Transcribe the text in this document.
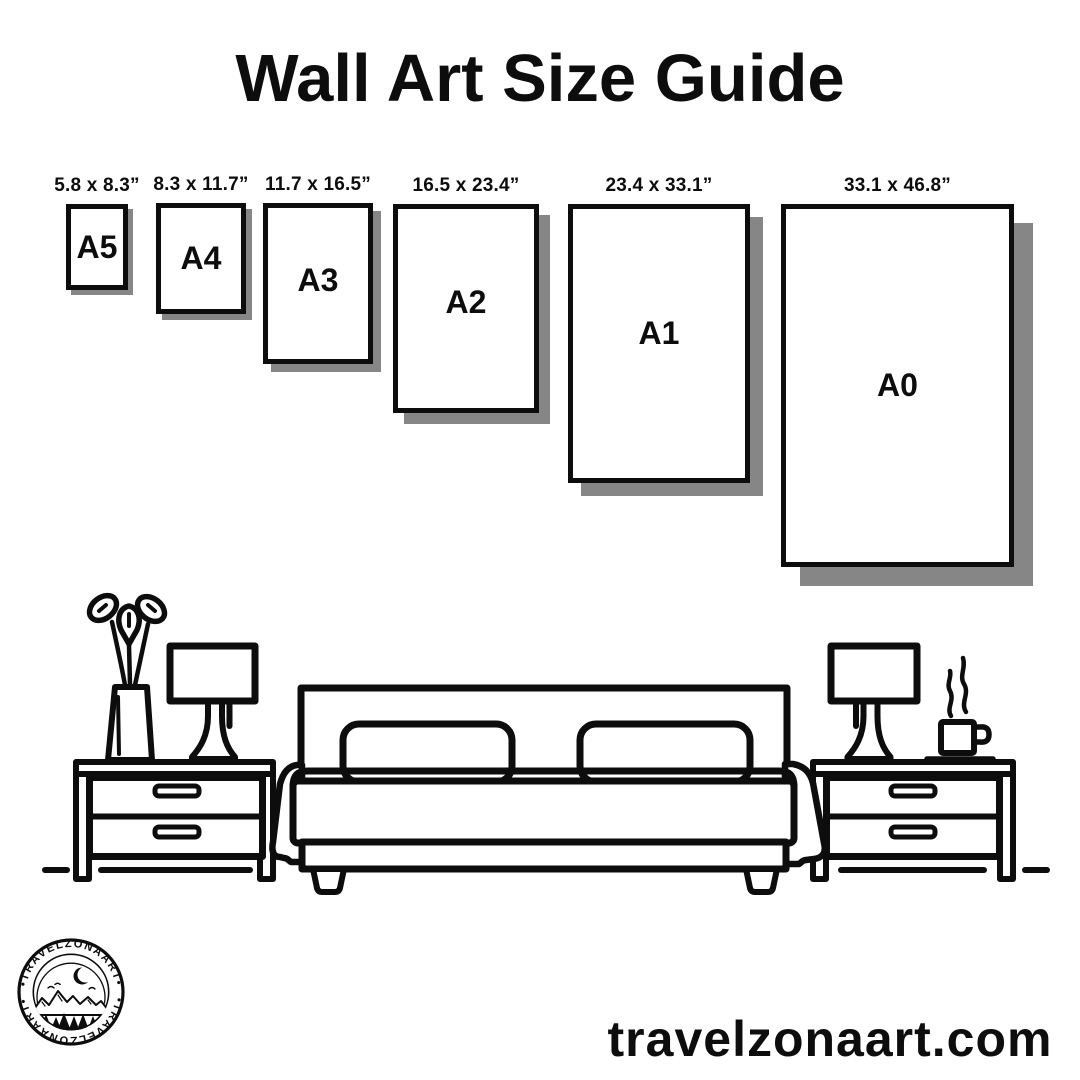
Wall Art Size Guide
5.8 x 8.3”
A5
8.3 x 11.7”
A4
11.7 x 16.5”
A3
16.5 x 23.4”
A2
23.4 x 33.1”
A1
33.1 x 46.8”
A0
•TRAVELZONAART•
•TRAVELZONAART•
travelzonaart.com
